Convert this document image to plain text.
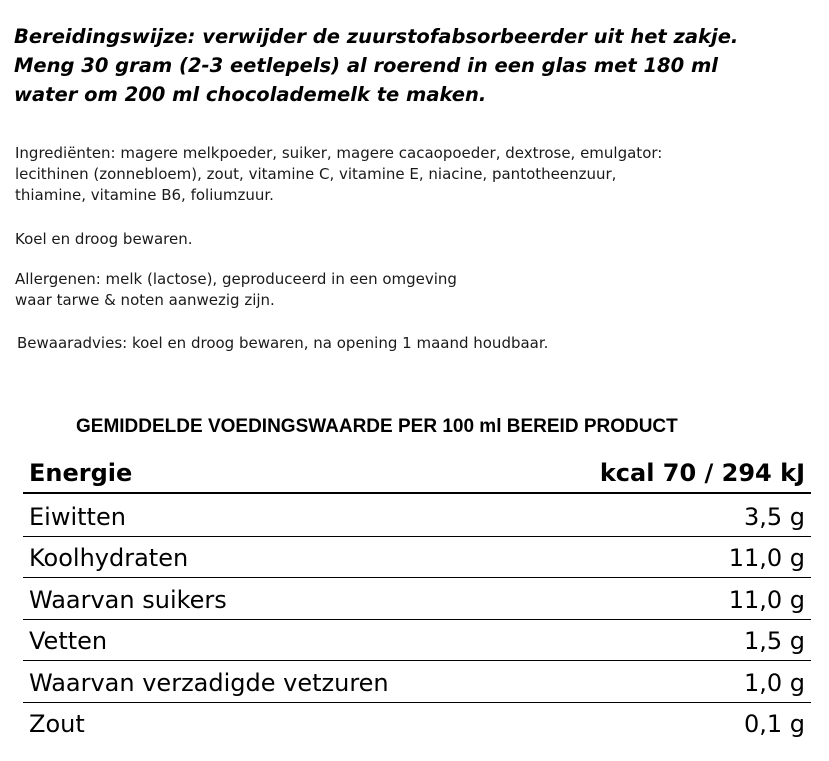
Bereidingswijze: verwijder de zuurstofabsorbeerder uit het zakje.
Meng 30 gram (2-3 eetlepels) al roerend in een glas met 180 ml
water om 200 ml chocolademelk te maken.
Ingrediënten: magere melkpoeder, suiker, magere cacaopoeder, dextrose, emulgator:
lecithinen (zonnebloem), zout, vitamine C, vitamine E, niacine, pantotheenzuur,
thiamine, vitamine B6, foliumzuur.
Koel en droog bewaren.
Allergenen: melk (lactose), geproduceerd in een omgeving
waar tarwe & noten aanwezig zijn.
Bewaaradvies: koel en droog bewaren, na opening 1 maand houdbaar.
GEMIDDELDE VOEDINGSWAARDE PER 100 ml BEREID PRODUCT
Energie	kcal 70 / 294 kJ
Eiwitten	3,5 g
Koolhydraten	11,0 g
Waarvan suikers	11,0 g
Vetten	1,5 g
Waarvan verzadigde vetzuren	1,0 g
Zout	0,1 g
